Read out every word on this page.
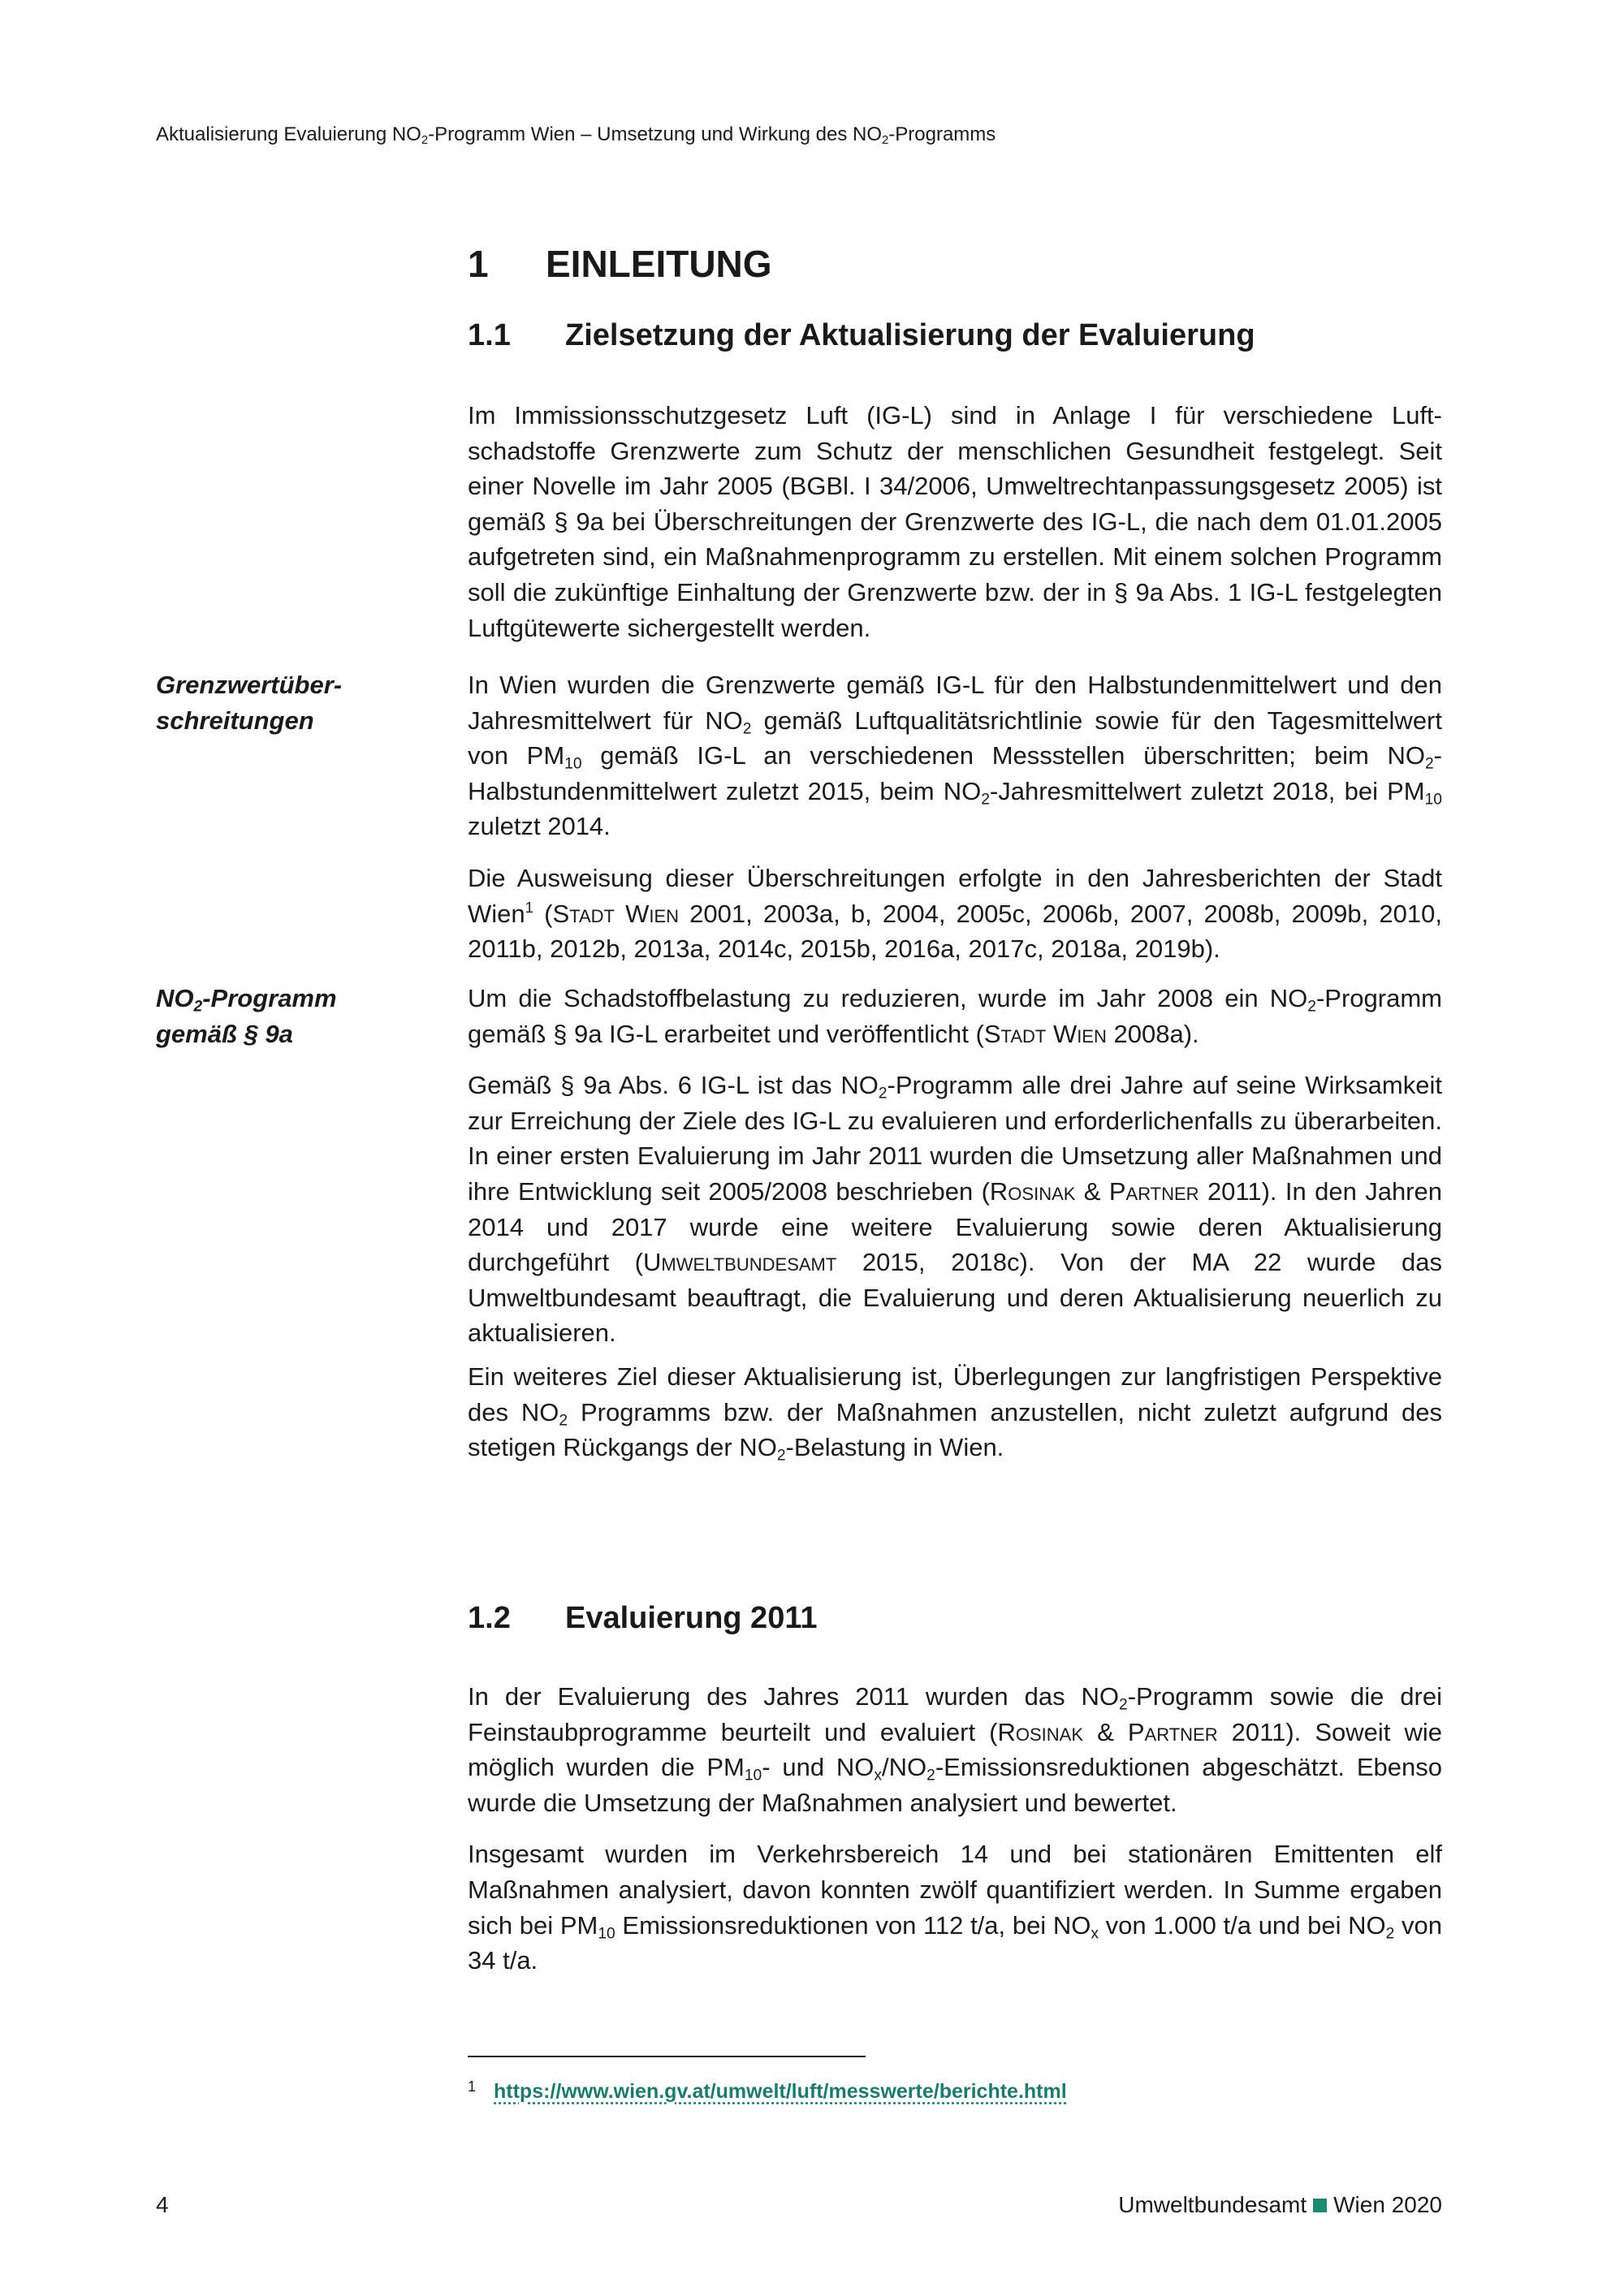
Aktualisierung Evaluierung $NO_2$-Programm Wien – Umsetzung und Wirkung des $NO_2$-Programms
1 EINLEITUNG
1.1 Zielsetzung der Aktualisierung der Evaluierung

Im Immissionsschutzgesetz Luft (IG-L) sind in Anlage I für verschiedene Luftschadstoffe Grenzwerte zum Schutz der menschlichen Gesundheit festgelegt. Seit einer Novelle im Jahr 2005 (BGBl. I 34/2006, Umweltrechtanpassungsgesetz 2005) ist gemäß § 9a bei Überschreitungen der Grenzwerte des IG-L, die nach dem 01.01.2005 aufgetreten sind, ein Maßnahmenprogramm zu erstellen. Mit einem solchen Programm soll die zukünftige Einhaltung der Grenzwerte bzw. der in § 9a Abs. 1 IG-L festgelegten Luftgütewerte sichergestellt werden.

Grenzwertüberschreitungen

In Wien wurden die Grenzwerte gemäß IG-L für den Halbstundenmittelwert und den Jahresmittelwert für $NO_2$ gemäß Luftqualitätsrichtlinie sowie für den Tagesmittelwert von $PM_{10}$ gemäß IG-L an verschiedenen Messstellen überschritten; beim $NO_2$-Halbstundenmittelwert zuletzt 2015, beim $NO_2$-Jahresmittelwert zuletzt 2018, bei $PM_{10}$ zuletzt 2014.

Die Ausweisung dieser Überschreitungen erfolgte in den Jahresberichten der Stadt Wien$^1$ (Stadt Wien 2001, 2003a, b, 2004, 2005c, 2006b, 2007, 2008b, 2009b, 2010, 2011b, 2012b, 2013a, 2014c, 2015b, 2016a, 2017c, 2018a, 2019b).

$NO_2$-Programm gemäß § 9a

Um die Schadstoffbelastung zu reduzieren, wurde im Jahr 2008 ein $NO_2$-Programm gemäß § 9a IG-L erarbeitet und veröffentlicht (Stadt Wien 2008a).

Gemäß § 9a Abs. 6 IG-L ist das $NO_2$-Programm alle drei Jahre auf seine Wirksamkeit zur Erreichung der Ziele des IG-L zu evaluieren und erforderlichenfalls zu überarbeiten. In einer ersten Evaluierung im Jahr 2011 wurden die Umsetzung aller Maßnahmen und ihre Entwicklung seit 2005/2008 beschrieben (Rosinak & Partner 2011). In den Jahren 2014 und 2017 wurde eine weitere Evaluierung sowie deren Aktualisierung durchgeführt (Umweltbundesamt 2015, 2018c). Von der MA 22 wurde das Umweltbundesamt beauftragt, die Evaluierung und deren Aktualisierung neuerlich zu aktualisieren.

Ein weiteres Ziel dieser Aktualisierung ist, Überlegungen zur langfristigen Perspektive des $NO_2$ Programms bzw. der Maßnahmen anzustellen, nicht zuletzt aufgrund des stetigen Rückgangs der $NO_2$-Belastung in Wien.

1.2 Evaluierung 2011

In der Evaluierung des Jahres 2011 wurden das $NO_2$-Programm sowie die drei Feinstaubprogramme beurteilt und evaluiert (Rosinak & Partner 2011). Soweit wie möglich wurden die $PM_{10}-$ und $NO_x/NO_2$-Emissionsreduktionen abgeschätzt. Ebenso wurde die Umsetzung der Maßnahmen analysiert und bewertet.

Insgesamt wurden im Verkehrsbereich 14 und bei stationären Emittenten elf Maßnahmen analysiert, davon konnten zwölf quantifiziert werden. In Summe ergaben sich bei $PM_{10}$ Emissionsreduktionen von 112 t/a, bei $NO_x$ von 1.000 t/a und bei $NO_2$ von 34 t/a.

1 https://www.wien.gv.at/umwelt/luft/messwerte/berichte.html
4	Umweltbundesamt Wien 2020
